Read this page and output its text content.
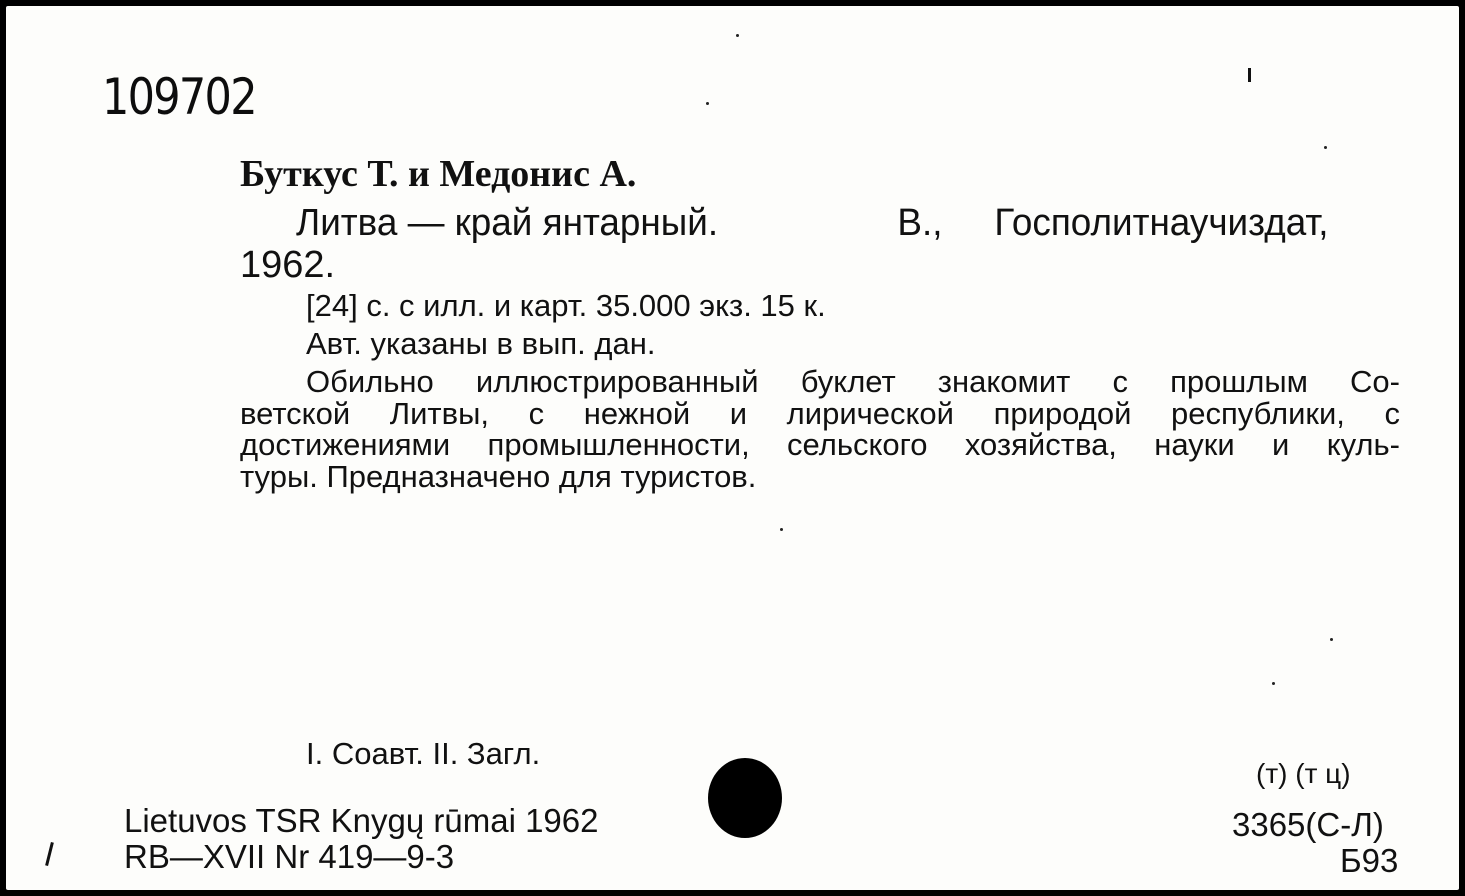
109702
Буткус Т. и Медонис А.
Литва — край янтарный.	В., Госполитнаучиздат,
1962.
[24] с. с илл. и карт. 35.000 экз. 15 к.
Авт. указаны в вып. дан.
Обильно иллюстрированный буклет знакомит с прошлым Со-
ветской Литвы, с нежной и лирической природой республики, с
достижениями промышленности, сельского хозяйства, науки и куль-
туры. Предназначено для туристов.
I. Соавт. II. Загл.
Lietuvos TSR Knygų rūmai 1962
RB—XVII Nr 419—9-3
(т) (т ц)
3365(С-Л)
Б93
